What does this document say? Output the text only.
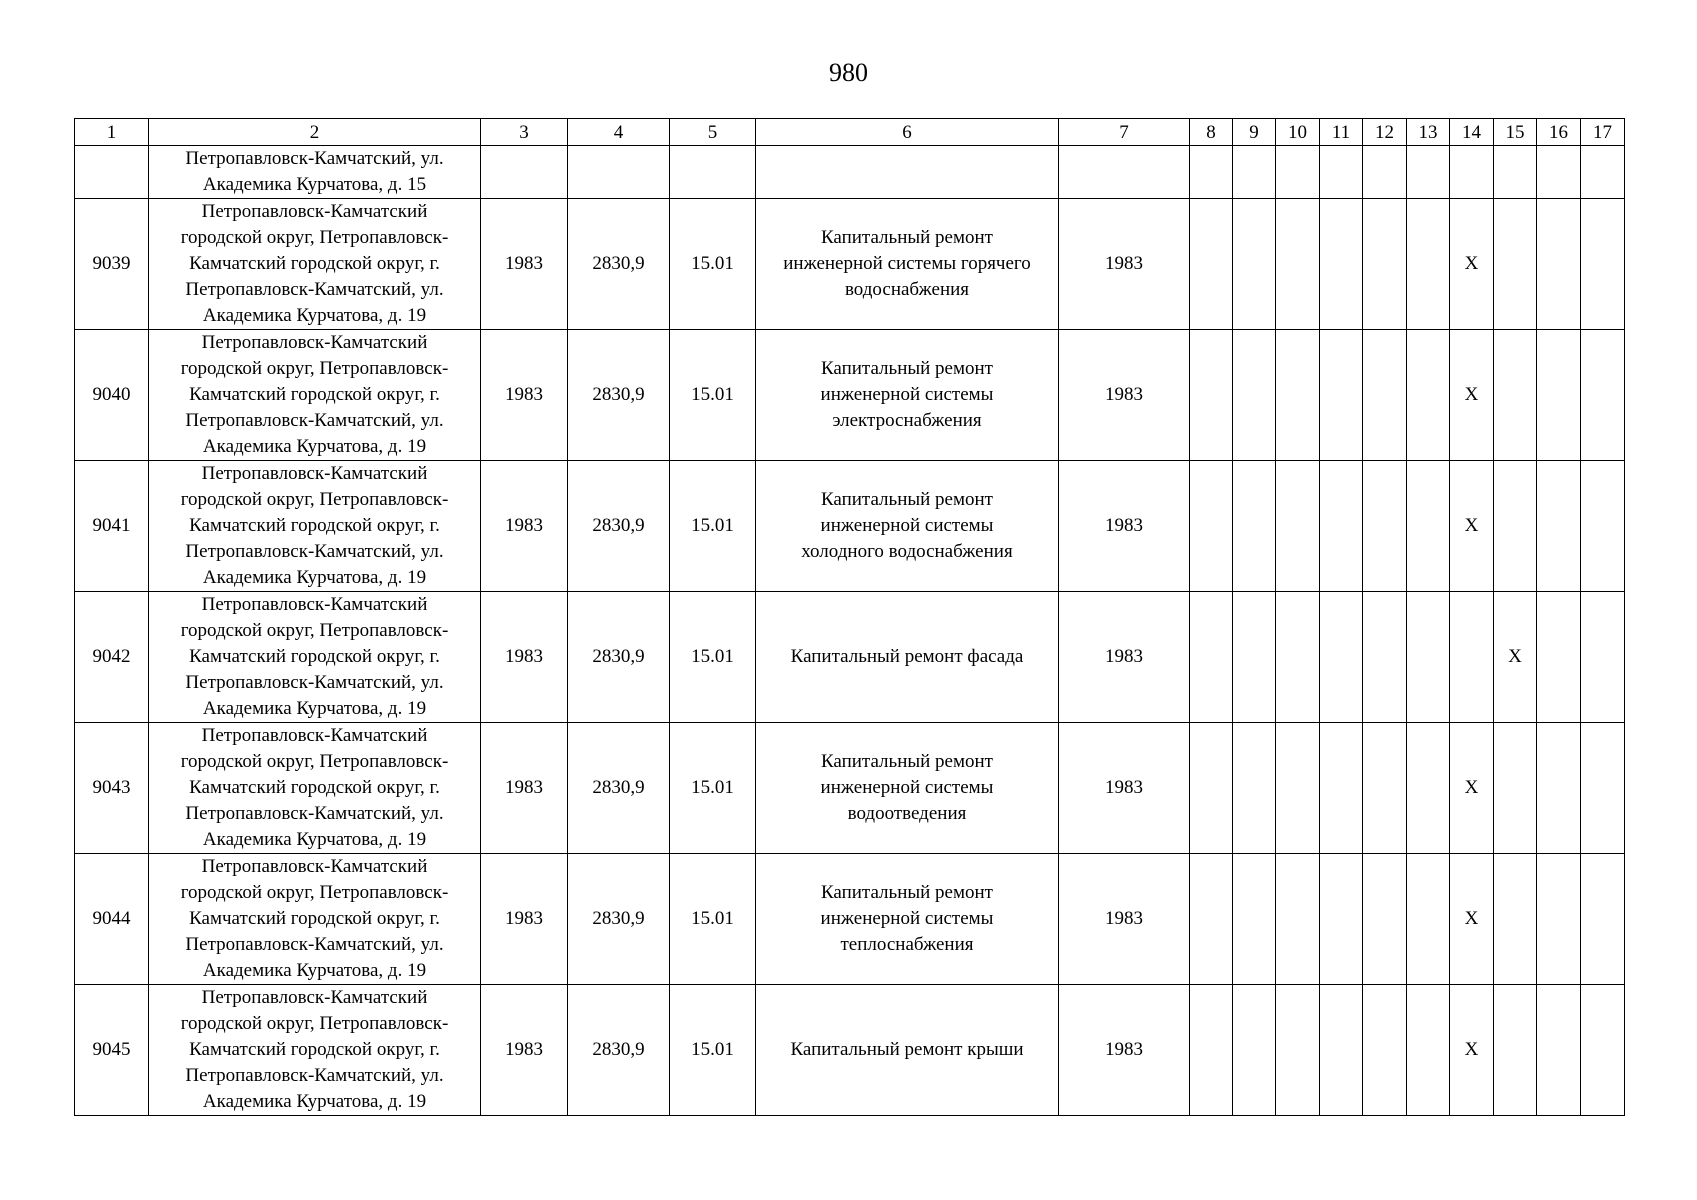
980
1	2	3	4	5	6	7	8	9	10	11	12	13	14	15	16	17
	Петропавловск-Камчатский, ул.
Академика Курчатова, д. 15															
9039	Петропавловск-Камчатский
городской округ, Петропавловск-
Камчатский городской округ, г.
Петропавловск-Камчатский, ул.
Академика Курчатова, д. 19	1983	2830,9	15.01	Капитальный ремонт
инженерной системы горячего
водоснабжения	1983							X			
9040	Петропавловск-Камчатский
городской округ, Петропавловск-
Камчатский городской округ, г.
Петропавловск-Камчатский, ул.
Академика Курчатова, д. 19	1983	2830,9	15.01	Капитальный ремонт
инженерной системы
электроснабжения	1983							X			
9041	Петропавловск-Камчатский
городской округ, Петропавловск-
Камчатский городской округ, г.
Петропавловск-Камчатский, ул.
Академика Курчатова, д. 19	1983	2830,9	15.01	Капитальный ремонт
инженерной системы
холодного водоснабжения	1983							X			
9042	Петропавловск-Камчатский
городской округ, Петропавловск-
Камчатский городской округ, г.
Петропавловск-Камчатский, ул.
Академика Курчатова, д. 19	1983	2830,9	15.01	Капитальный ремонт фасада	1983								X		
9043	Петропавловск-Камчатский
городской округ, Петропавловск-
Камчатский городской округ, г.
Петропавловск-Камчатский, ул.
Академика Курчатова, д. 19	1983	2830,9	15.01	Капитальный ремонт
инженерной системы
водоотведения	1983							X			
9044	Петропавловск-Камчатский
городской округ, Петропавловск-
Камчатский городской округ, г.
Петропавловск-Камчатский, ул.
Академика Курчатова, д. 19	1983	2830,9	15.01	Капитальный ремонт
инженерной системы
теплоснабжения	1983							X			
9045	Петропавловск-Камчатский
городской округ, Петропавловск-
Камчатский городской округ, г.
Петропавловск-Камчатский, ул.
Академика Курчатова, д. 19	1983	2830,9	15.01	Капитальный ремонт крыши	1983							X			
